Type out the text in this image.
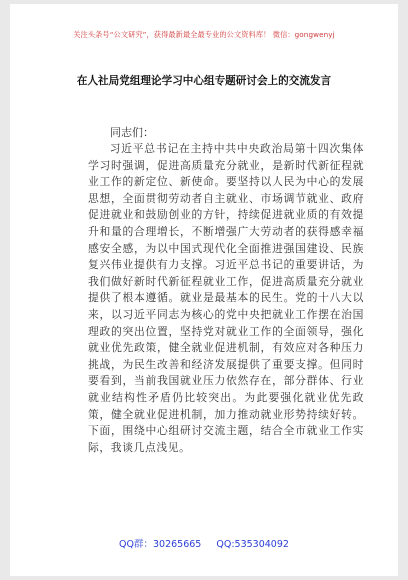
关注头条号“公文研究”，获得最新最全最专业的公文资料库！ 微信：gongwenyj
在人社局党组理论学习中心组专题研讨会上的交流发言
同志们：

习近平总书记在主持中共中央政治局第十四次集体学习时强调，促进高质量充分就业，是新时代新征程就业工作的新定位、新使命。要坚持以人民为中心的发展思想，全面贯彻劳动者自主就业、市场调节就业、政府促进就业和鼓励创业的方针，持续促进就业质的有效提升和量的合理增长，不断增强广大劳动者的获得感幸福感安全感，为以中国式现代化全面推进强国建设、民族复兴伟业提供有力支撑。习近平总书记的重要讲话，为我们做好新时代新征程就业工作，促进高质量充分就业提供了根本遵循。就业是最基本的民生。党的十八大以来，以习近平同志为核心的党中央把就业工作摆在治国理政的突出位置，坚持党对就业工作的全面领导，强化就业优先政策，健全就业促进机制，有效应对各种压力挑战，为民生改善和经济发展提供了重要支撑。但同时要看到，当前我国就业压力依然存在，部分群体、行业就业结构性矛盾仍比较突出。为此要强化就业优先政策，健全就业促进机制，加力推动就业形势持续好转。下面，围绕中心组研讨交流主题，结合全市就业工作实际，我谈几点浅见。

QQ群：30265665 QQ:535304092
